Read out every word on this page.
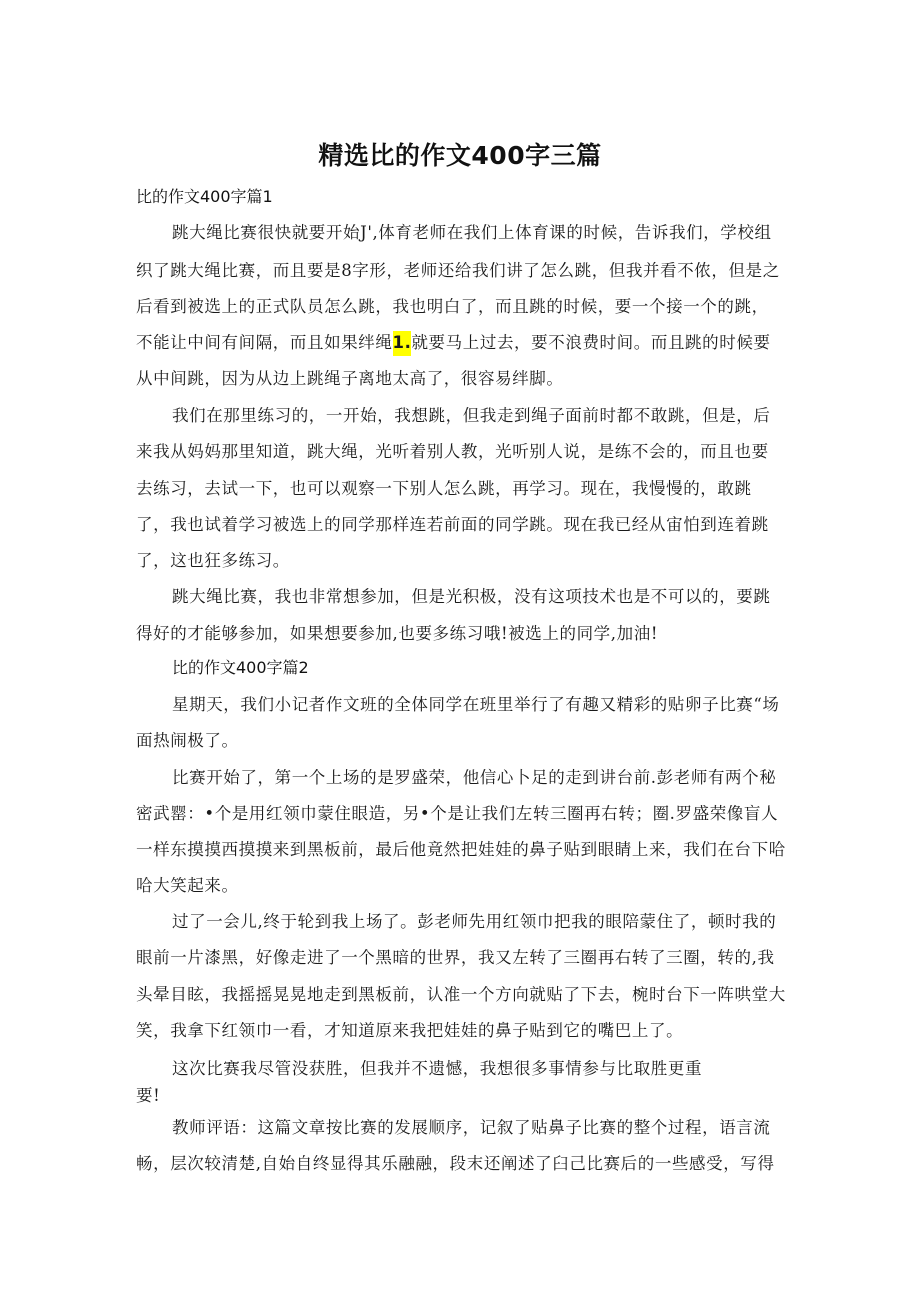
精选比的作文400字三篇
比的作文400字篇1
跳大绳比赛很快就要开始J',体育老师在我们上体育课的时候，告诉我们，学校组
织了跳大绳比赛，而且要是8字形，老师还给我们讲了怎么跳，但我并看不侬，但是之
后看到被选上的正式队员怎么跳，我也明白了，而且跳的时候，要一个接一个的跳，
不能让中间有间隔，而且如果绊绳1.就要马上过去，要不浪费时间。而且跳的时候要
从中间跳，因为从边上跳绳子离地太高了，很容易绊脚。
我们在那里练习的，一开始，我想跳，但我走到绳子面前时都不敢跳，但是，后
来我从妈妈那里知道，跳大绳，光听着别人教，光听别人说，是练不会的，而且也要
去练习，去试一下，也可以观察一下别人怎么跳，再学习。现在，我慢慢的，敢跳
了，我也试着学习被选上的同学那样连若前面的同学跳。现在我已经从宙怕到连着跳
了，这也狂多练习。
跳大绳比赛，我也非常想参加，但是光积极，没有这项技术也是不可以的，要跳
得好的才能够参加，如果想要参加,也要多练习哦!被选上的同学,加油!
比的作文400字篇2
星期天，我们小记者作文班的全体同学在班里举行了有趣又精彩的贴卵子比赛“场
面热闹极了。
比赛开始了，第一个上场的是罗盛荣，他信心卜足的走到讲台前.彭老师有两个秘
密武罂：•个是用红领巾蒙住眼造，另•个是让我们左转三圈再右转；圈.罗盛荣像盲人
一样东摸摸西摸摸来到黑板前，最后他竟然把娃娃的鼻子贴到眼睛上来，我们在台下哈
哈大笑起来。
过了一会儿,终于轮到我上场了。彭老师先用红领巾把我的眼陪蒙住了，顿时我的
眼前一片漆黑，好像走进了一个黑暗的世界，我又左转了三圈再右转了三圈，转的,我
头晕目眩，我摇摇晃晃地走到黑板前，认准一个方向就贴了下去，椀时台下一阵哄堂大
笑，我拿下红领巾一看，才知道原来我把娃娃的鼻子贴到它的嘴巴上了。
这次比赛我尽管没获胜，但我并不遗憾，我想很多事情参与比取胜更重
要!
教师评语：这篇文章按比赛的发展顺序，记叙了贴鼻子比赛的整个过程，语言流
畅，层次较清楚,自始自终显得其乐融融，段末还阐述了臼己比赛后的一些感受，写得
